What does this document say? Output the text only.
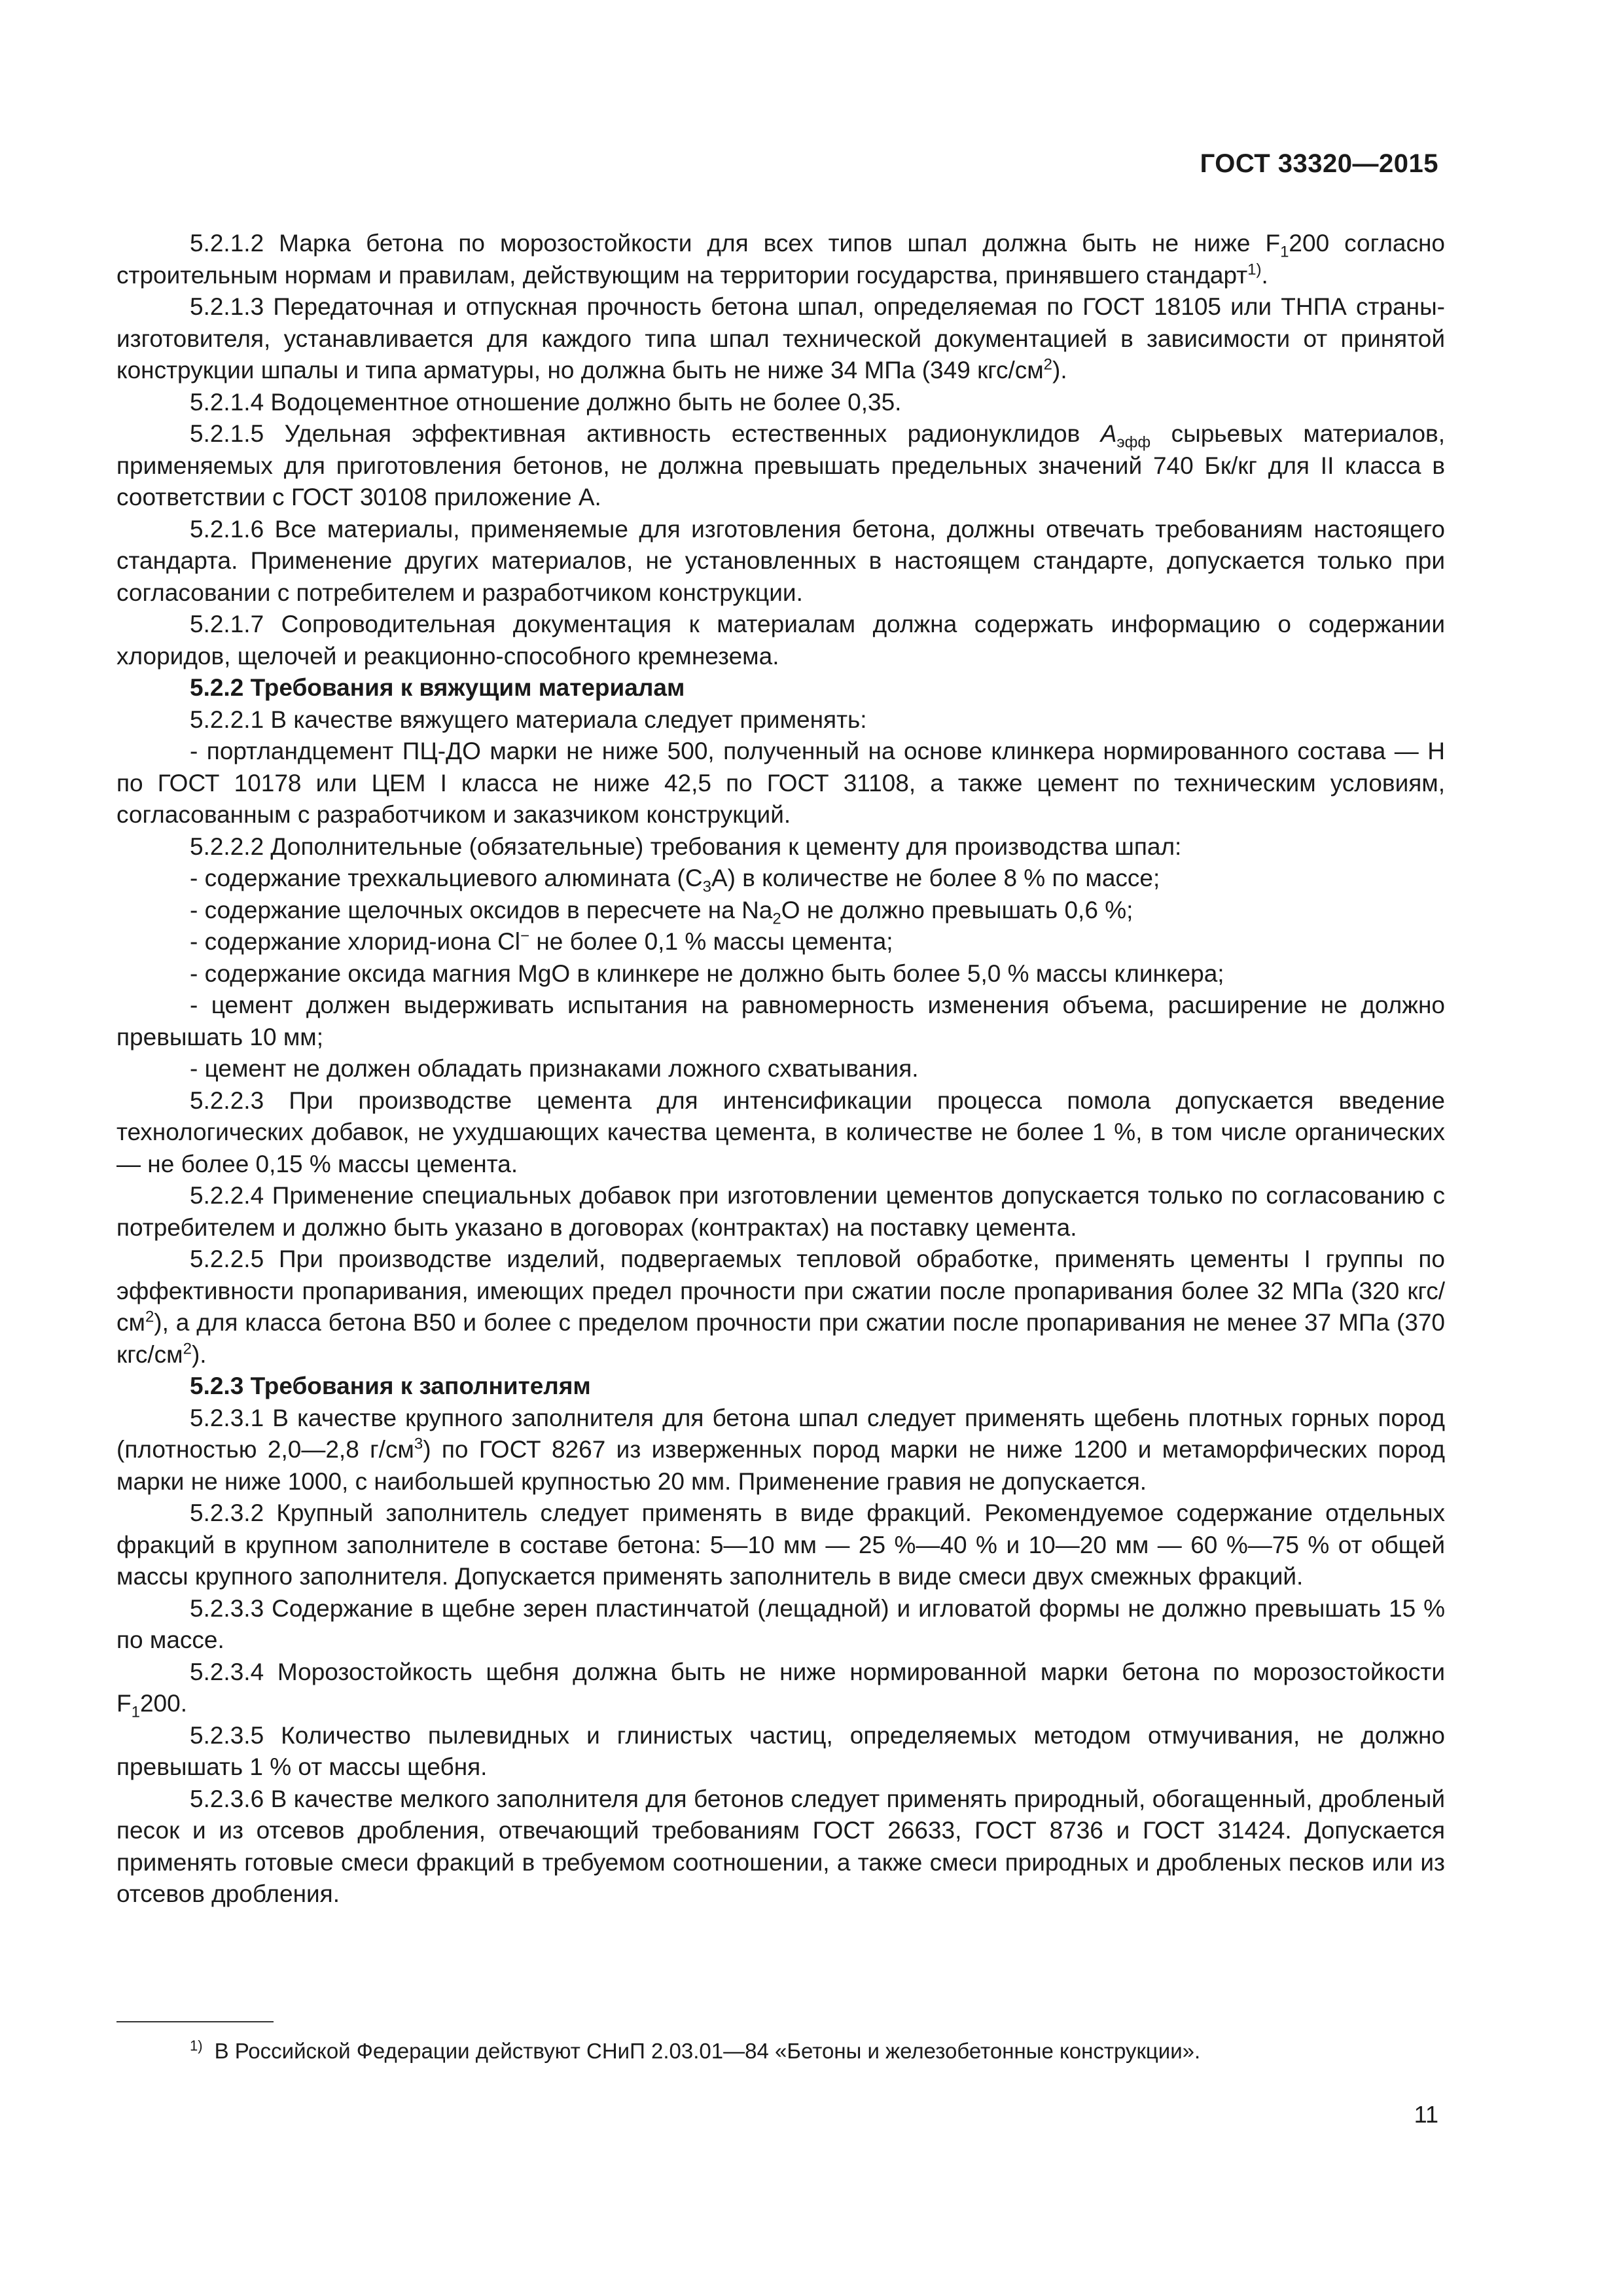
ГОСТ 33320—2015

5.2.1.2 Марка бетона по морозостойкости для всех типов шпал должна быть не ниже $F_1200$ согласно строительным нормам и правилам, действующим на территории государства, принявшего стандарт$^{1)}$.

5.2.1.3 Передаточная и отпускная прочность бетона шпал, определяемая по ГОСТ 18105 или ТНПА страны-изготовителя, устанавливается для каждого типа шпал технической документацией в зависимости от принятой конструкции шпалы и типа арматуры, но должна быть не ниже 34 МПа (349 кгс/$см^2$).

5.2.1.4 Водоцементное отношение должно быть не более 0,35.

5.2.1.5 Удельная эффективная активность естественных радионуклидов $A_{эфф}$ сырьевых материалов, применяемых для приготовления бетонов, не должна превышать предельных значений 740 Бк/кг для II класса в соответствии с ГОСТ 30108 приложение А.

5.2.1.6 Все материалы, применяемые для изготовления бетона, должны отвечать требованиям настоящего стандарта. Применение других материалов, не установленных в настоящем стандарте, допускается только при согласовании с потребителем и разработчиком конструкции.

5.2.1.7 Сопроводительная документация к материалам должна содержать информацию о содержании хлоридов, щелочей и реакционно-способного кремнезема.

5.2.2 Требования к вяжущим материалам

5.2.2.1 В качестве вяжущего материала следует применять:

- портландцемент ПЦ-ДО марки не ниже 500, полученный на основе клинкера нормированного состава — Н по ГОСТ 10178 или ЦЕМ I класса не ниже 42,5 по ГОСТ 31108, а также цемент по техническим условиям, согласованным с разработчиком и заказчиком конструкций.

5.2.2.2 Дополнительные (обязательные) требования к цементу для производства шпал:

- содержание трехкальциевого алюмината $(C_3A)$ в количестве не более 8 % по массе;

- содержание щелочных оксидов в пересчете на $Na_2O$ не должно превышать 0,6 %;

- содержание хлорид-иона Cl− не более 0,1 % массы цемента;

- содержание оксида магния MgO в клинкере не должно быть более 5,0 % массы клинкера;

- цемент должен выдерживать испытания на равномерность изменения объема, расширение не должно превышать 10 мм;

- цемент не должен обладать признаками ложного схватывания.

5.2.2.3 При производстве цемента для интенсификации процесса помола допускается введение технологических добавок, не ухудшающих качества цемента, в количестве не более 1 %, в том числе органических — не более 0,15 % массы цемента.

5.2.2.4 Применение специальных добавок при изготовлении цементов допускается только по согласованию с потребителем и должно быть указано в договорах (контрактах) на поставку цемента.

5.2.2.5 При производстве изделий, подвергаемых тепловой обработке, применять цементы I группы по эффективности пропаривания, имеющих предел прочности при сжатии после пропаривания более 32 МПа (320 кгс/$см^2$), а для класса бетона В50 и более с пределом прочности при сжатии после пропаривания не менее 37 МПа (370 кгс/$см^2$).

5.2.3 Требования к заполнителям

5.2.3.1 В качестве крупного заполнителя для бетона шпал следует применять щебень плотных горных пород (плотностью 2,0—2,8 $г/см^3$) по ГОСТ 8267 из изверженных пород марки не ниже 1200 и метаморфических пород марки не ниже 1000, с наибольшей крупностью 20 мм. Применение гравия не допускается.

5.2.3.2 Крупный заполнитель следует применять в виде фракций. Рекомендуемое содержание отдельных фракций в крупном заполнителе в составе бетона: 5—10 мм — 25 %—40 % и 10—20 мм — 60 %—75 % от общей массы крупного заполнителя. Допускается применять заполнитель в виде смеси двух смежных фракций.

5.2.3.3 Содержание в щебне зерен пластинчатой (лещадной) и игловатой формы не должно превышать 15 % по массе.

5.2.3.4 Морозостойкость щебня должна быть не ниже нормированной марки бетона по морозостойкости $F_1200$.

5.2.3.5 Количество пылевидных и глинистых частиц, определяемых методом отмучивания, не должно превышать 1 % от массы щебня.

5.2.3.6 В качестве мелкого заполнителя для бетонов следует применять природный, обогащенный, дробленый песок и из отсевов дробления, отвечающий требованиям ГОСТ 26633, ГОСТ 8736 и ГОСТ 31424. Допускается применять готовые смеси фракций в требуемом соотношении, а также смеси природных и дробленых песков или из отсевов дробления.

$^{1)}$ В Российской Федерации действуют СНиП 2.03.01—84 «Бетоны и железобетонные конструкции».
11
